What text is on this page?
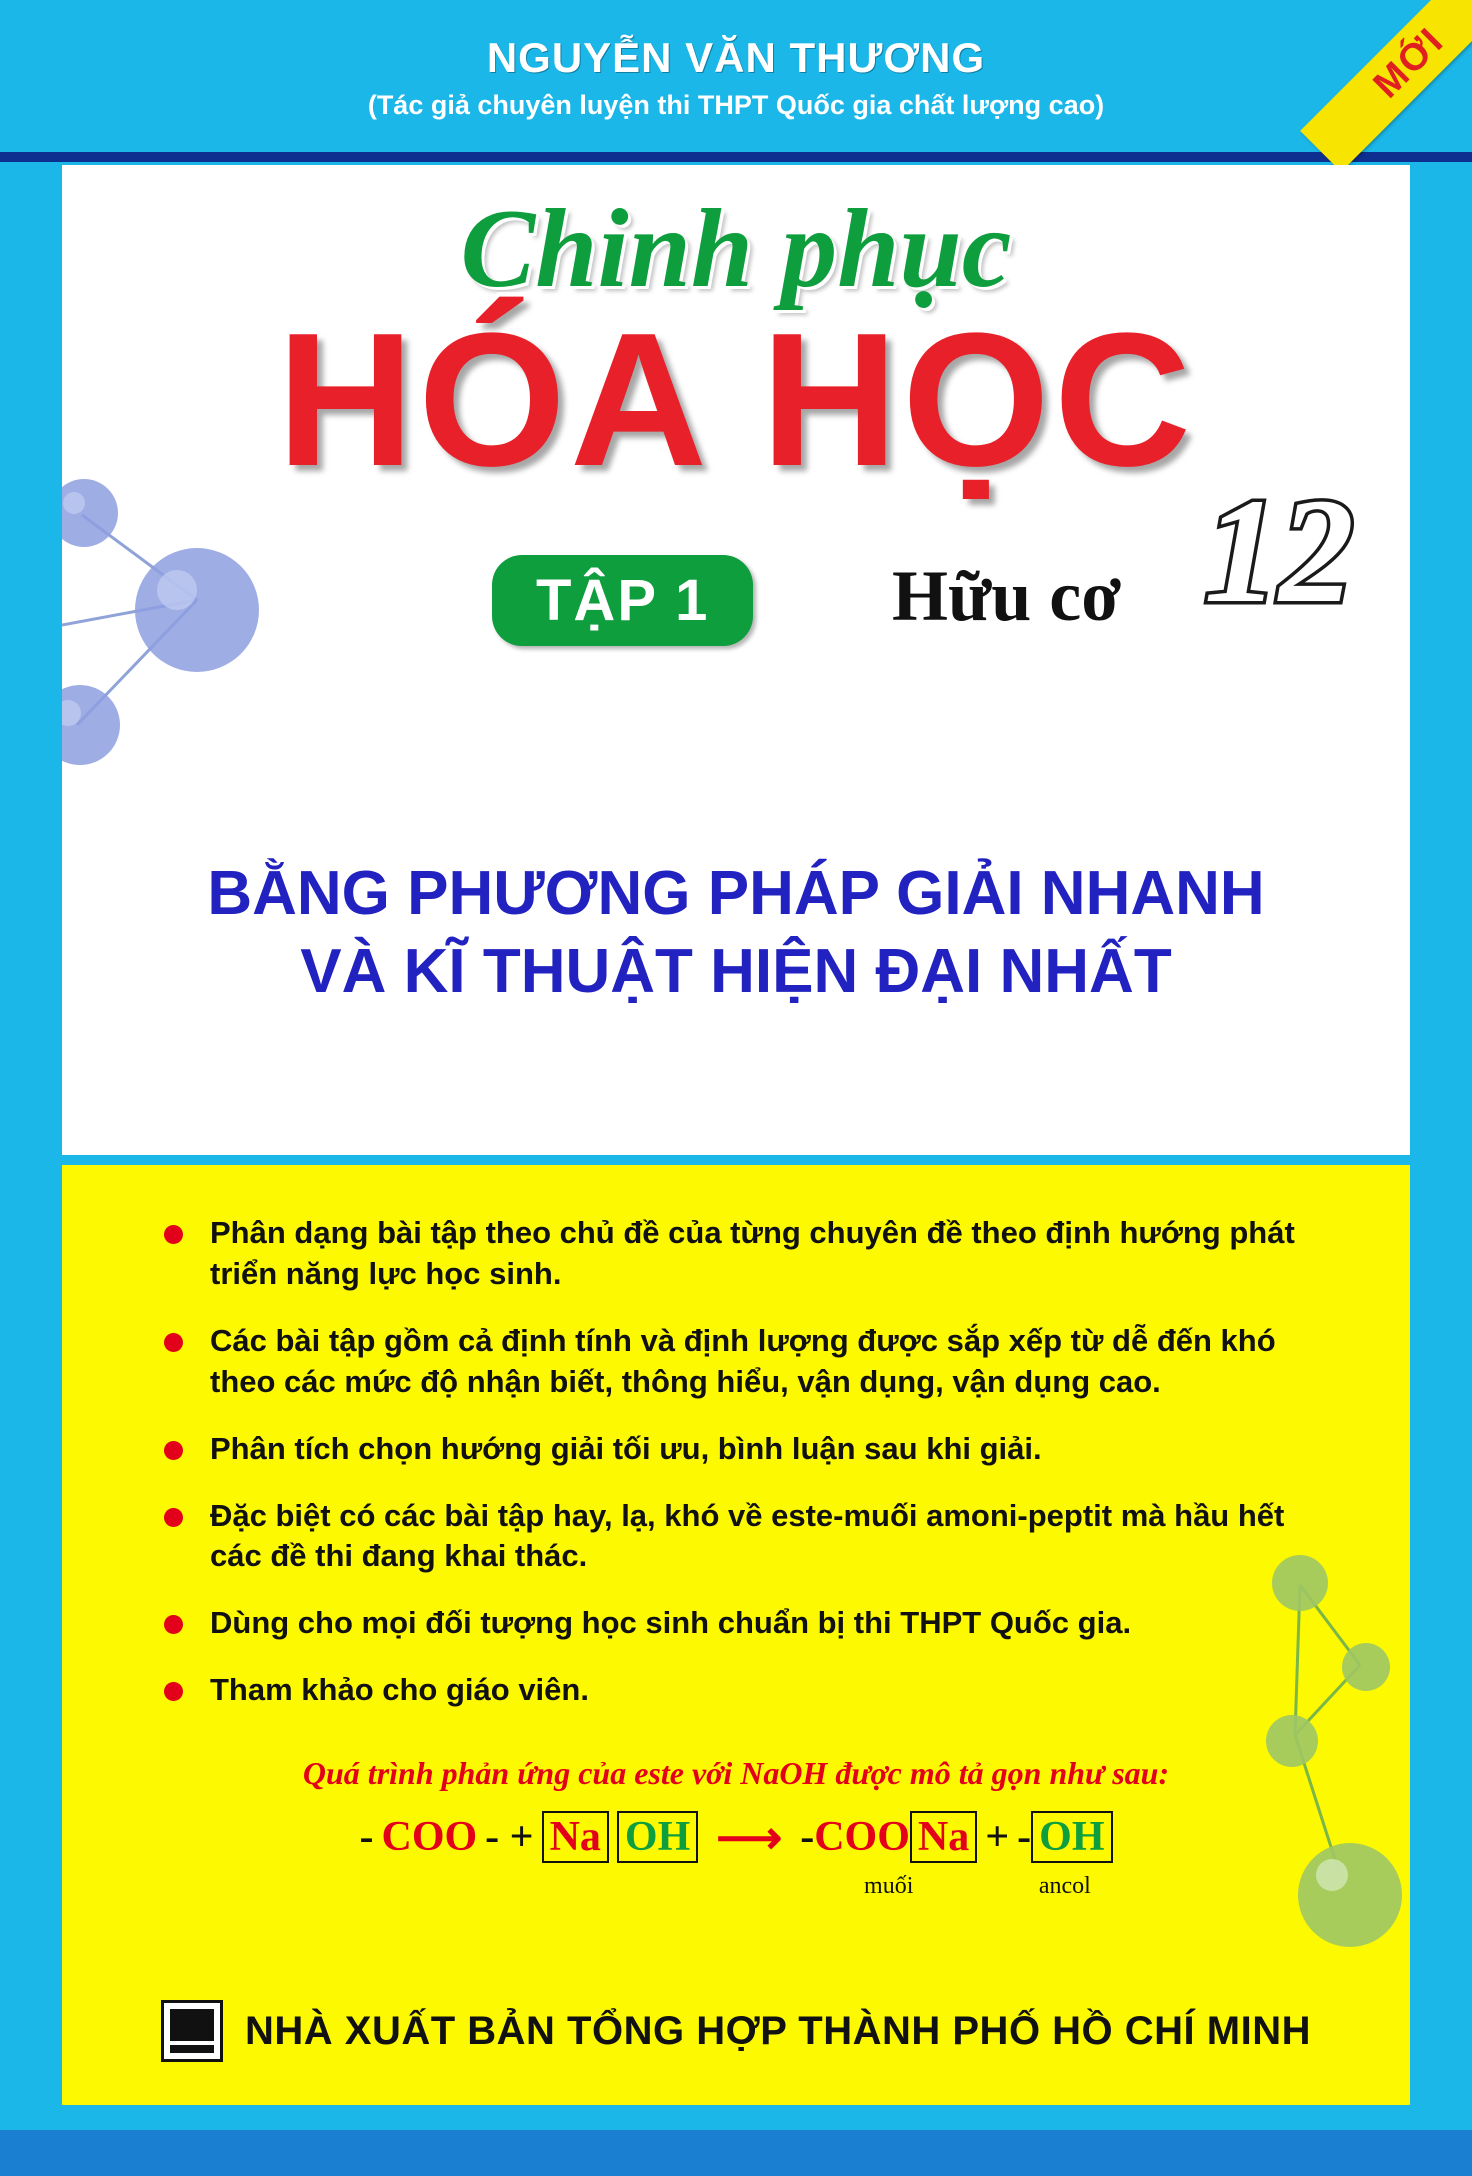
NGUYỄN VĂN THƯƠNG
(Tác giả chuyên luyện thi THPT Quốc gia chất lượng cao)	MỚI
Chinh phục
HÓA HỌC
12
TẬP 1	Hữu cơ
BẰNG PHƯƠNG PHÁP GIẢI NHANH
VÀ KĨ THUẬT HIỆN ĐẠI NHẤT
Phân dạng bài tập theo chủ đề của từng chuyên đề theo định hướng phát triển năng lực học sinh.
Các bài tập gồm cả định tính và định lượng được sắp xếp từ dễ đến khó theo các mức độ nhận biết, thông hiểu, vận dụng, vận dụng cao.
Phân tích chọn hướng giải tối ưu, bình luận sau khi giải.
Đặc biệt có các bài tập hay, lạ, khó về este-muối amoni-peptit mà hầu hết các đề thi đang khai thác.
Dùng cho mọi đối tượng học sinh chuẩn bị thi THPT Quốc gia.
Tham khảo cho giáo viên.
Quá trình phản ứng của este với NaOH được mô tả gọn như sau:
- COO - + Na OH ⟶ - COO Na
muối
+ - OH
ancol
NHÀ XUẤT BẢN TỔNG HỢP THÀNH PHỐ HỒ CHÍ MINH
